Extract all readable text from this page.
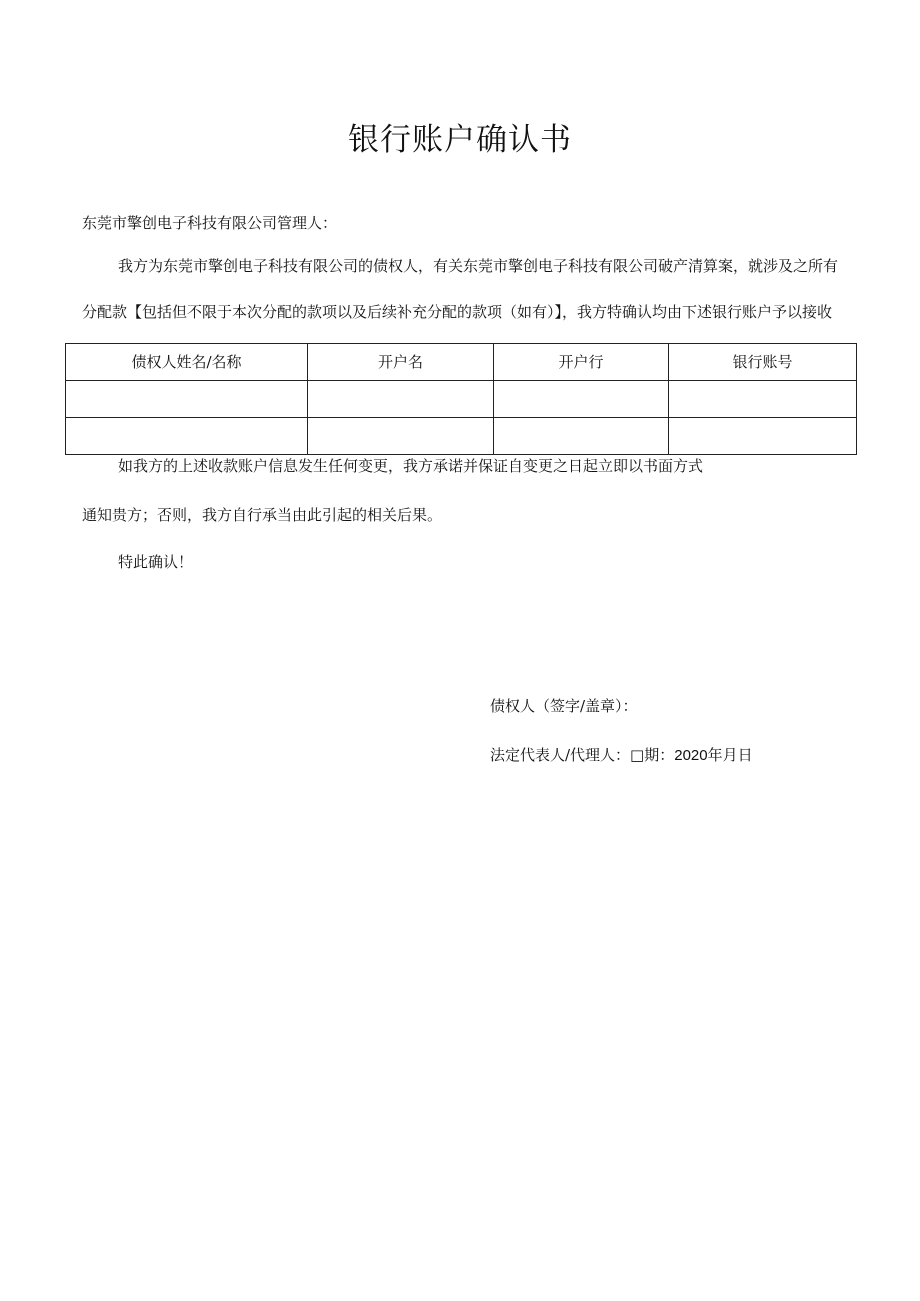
银行账户确认书
东莞市擎创电子科技有限公司管理人：
我方为东莞市擎创电子科技有限公司的债权人，有关东莞市擎创电子科技有限公司破产清算案，就涉及之所有
分配款【包括但不限于本次分配的款项以及后续补充分配的款项（如有）】，我方特确认均由下述银行账户予以接收
债权人姓名/名称	开户名	开户行	银行账号

如我方的上述收款账户信息发生任何变更，我方承诺并保证自变更之日起立即以书面方式
通知贵方；否则，我方自行承当由此引起的相关后果。
特此确认！
债权人（签字/盖章）：
法定代表人/代理人：□期：2020年月日
